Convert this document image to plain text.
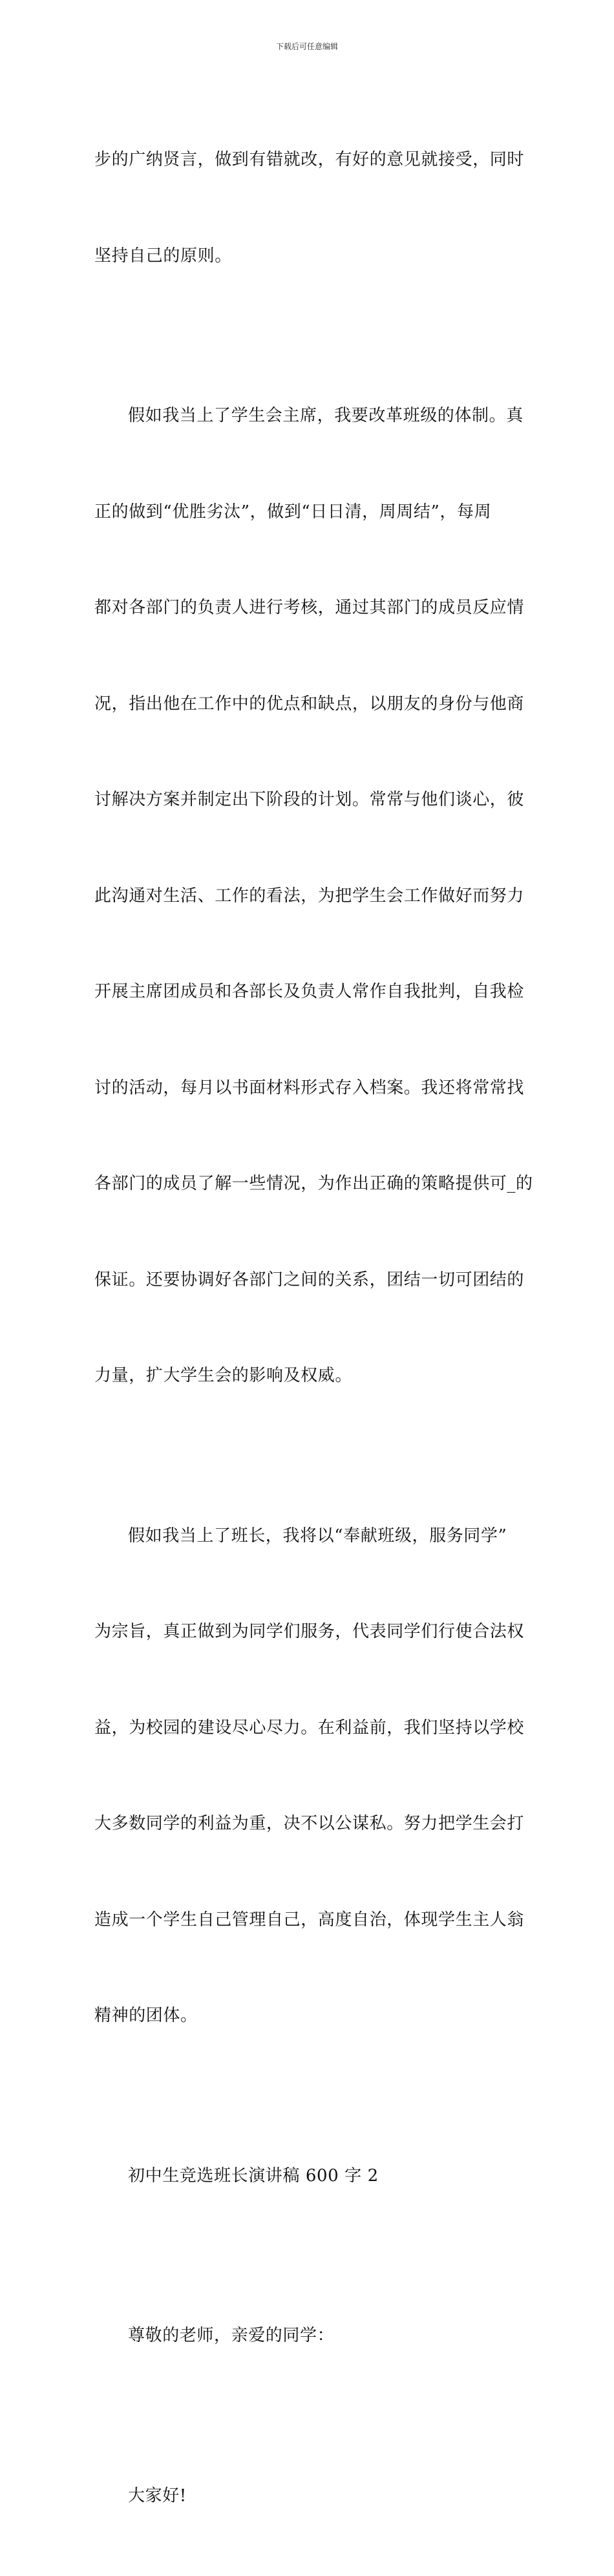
下载后可任意编辑

步的广纳贤言，做到有错就改，有好的意见就接受，同时

坚持自己的原则。

假如我当上了学生会主席，我要改革班级的体制。真

正的做到“优胜劣汰”，做到“日日清，周周结”，每周

都对各部门的负责人进行考核，通过其部门的成员反应情

况，指出他在工作中的优点和缺点，以朋友的身份与他商

讨解决方案并制定出下阶段的计划。常常与他们谈心，彼

此沟通对生活、工作的看法，为把学生会工作做好而努力

开展主席团成员和各部长及负责人常作自我批判，自我检

讨的活动，每月以书面材料形式存入档案。我还将常常找

各部门的成员了解一些情况，为作出正确的策略提供可_的

保证。还要协调好各部门之间的关系，团结一切可团结的

力量，扩大学生会的影响及权威。

假如我当上了班长，我将以“奉献班级，服务同学”

为宗旨，真正做到为同学们服务，代表同学们行使合法权

益，为校园的建设尽心尽力。在利益前，我们坚持以学校

大多数同学的利益为重，决不以公谋私。努力把学生会打

造成一个学生自己管理自己，高度自治，体现学生主人翁

精神的团体。

初中生竞选班长演讲稿 600 字 2

尊敬的老师，亲爱的同学：

大家好!
